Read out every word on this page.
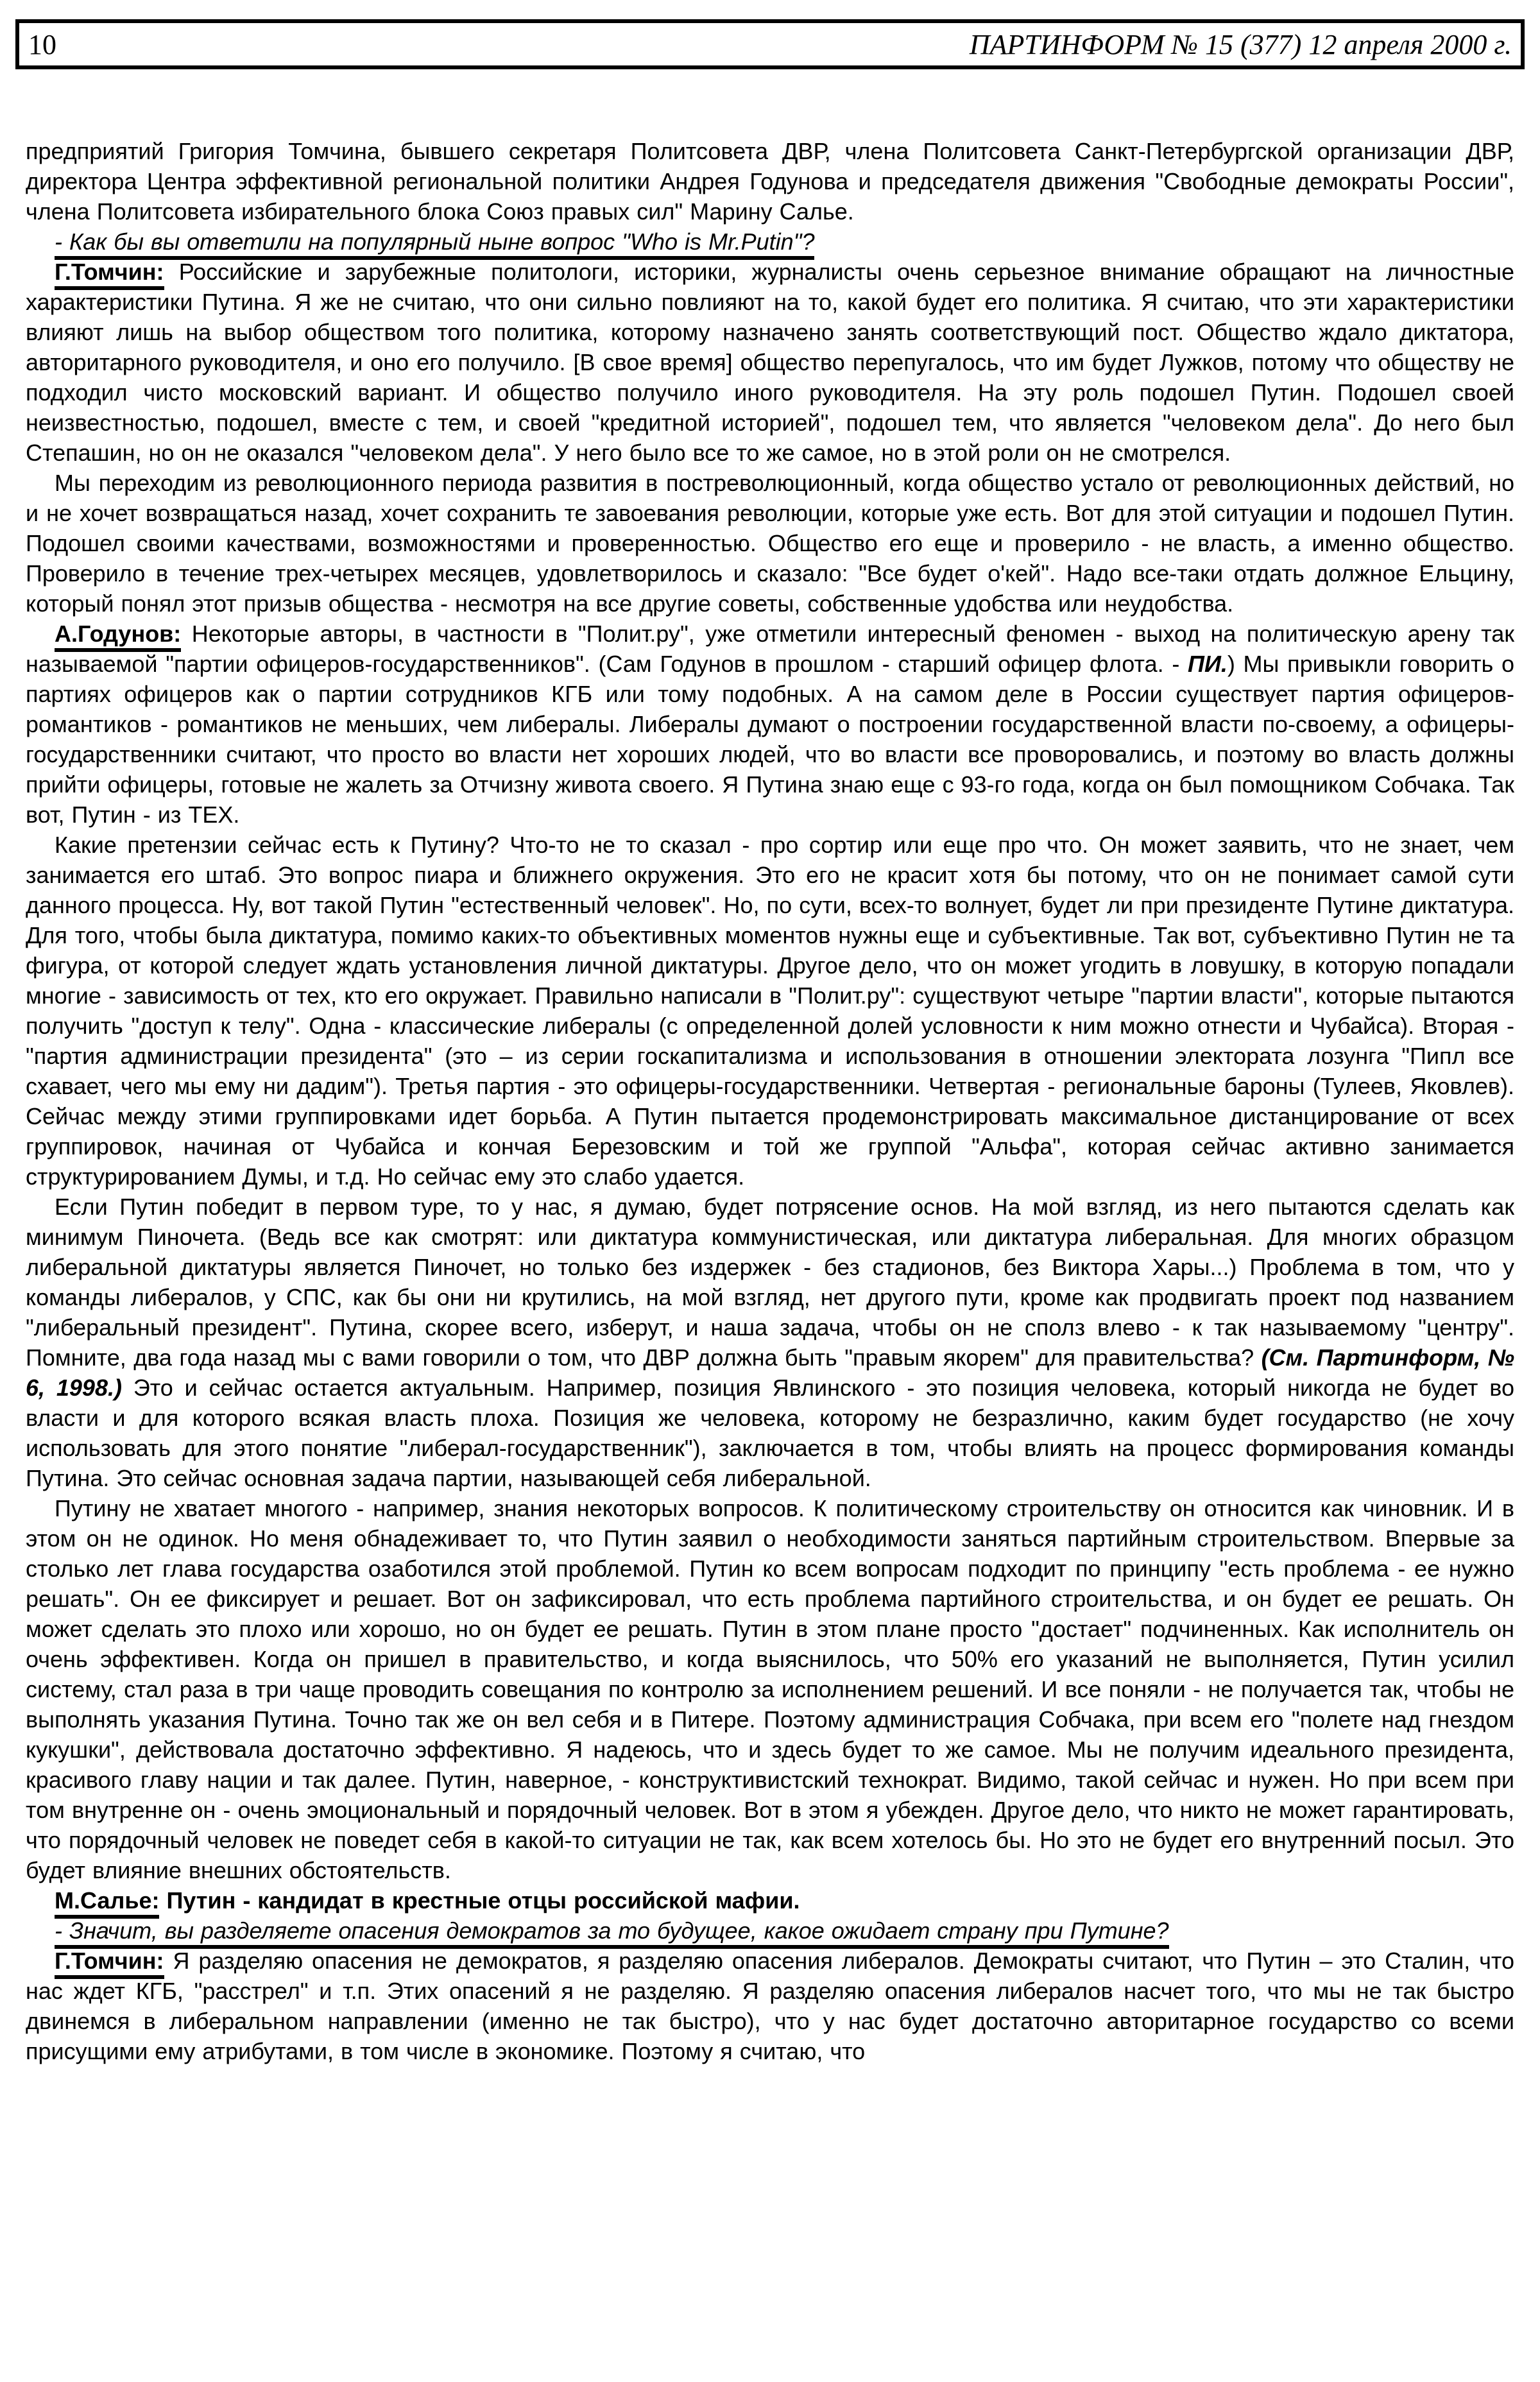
10	ПАРТИНФОРМ № 15 (377) 12 апреля 2000 г.

предприятий Григория Томчина, бывшего секретаря Политсовета ДВР, члена Политсовета Санкт-Петербургской организации ДВР, директора Центра эффективной региональной политики Андрея Годунова и председателя движения "Свободные демократы России", члена Политсовета избирательного блока Союз правых сил" Марину Салье.

- Как бы вы ответили на популярный ныне вопрос "Who is Mr.Putin"?

Г.Томчин: Российские и зарубежные политологи, историки, журналисты очень серьезное внимание обращают на личностные характеристики Путина. Я же не считаю, что они сильно повлияют на то, какой будет его политика. Я считаю, что эти характеристики влияют лишь на выбор обществом того политика, которому назначено занять соответствующий пост. Общество ждало диктатора, авторитарного руководителя, и оно его получило. [В свое время] общество перепугалось, что им будет Лужков, потому что обществу не подходил чисто московский вариант. И общество получило иного руководителя. На эту роль подошел Путин. Подошел своей неизвестностью, подошел, вместе с тем, и своей "кредитной историей", подошел тем, что является "человеком дела". До него был Степашин, но он не оказался "человеком дела". У него было все то же самое, но в этой роли он не смотрелся.

Мы переходим из революционного периода развития в постреволюционный, когда общество устало от революционных действий, но и не хочет возвращаться назад, хочет сохранить те завоевания революции, которые уже есть. Вот для этой ситуации и подошел Путин. Подошел своими качествами, возможностями и проверенностью. Общество его еще и проверило - не власть, а именно общество. Проверило в течение трех-четырех месяцев, удовлетворилось и сказало: "Все будет о'кей". Надо все-таки отдать должное Ельцину, который понял этот призыв общества - несмотря на все другие советы, собственные удобства или неудобства.

А.Годунов: Некоторые авторы, в частности в "Полит.ру", уже отметили интересный феномен - выход на политическую арену так называемой "партии офицеров-государственников". (Сам Годунов в прошлом - старший офицер флота. - ПИ.) Мы привыкли говорить о партиях офицеров как о партии сотрудников КГБ или тому подобных. А на самом деле в России существует партия офицеров-романтиков - романтиков не меньших, чем либералы. Либералы думают о построении государственной власти по-своему, а офицеры-государственники считают, что просто во власти нет хороших людей, что во власти все проворовались, и поэтому во власть должны прийти офицеры, готовые не жалеть за Отчизну живота своего. Я Путина знаю еще с 93-го года, когда он был помощником Собчака. Так вот, Путин - из ТЕХ.

Какие претензии сейчас есть к Путину? Что-то не то сказал - про сортир или еще про что. Он может заявить, что не знает, чем занимается его штаб. Это вопрос пиара и ближнего окружения. Это его не красит хотя бы потому, что он не понимает самой сути данного процесса. Ну, вот такой Путин "естественный человек". Но, по сути, всех-то волнует, будет ли при президенте Путине диктатура. Для того, чтобы была диктатура, помимо каких-то объективных моментов нужны еще и субъективные. Так вот, субъективно Путин не та фигура, от которой следует ждать установления личной диктатуры. Другое дело, что он может угодить в ловушку, в которую попадали многие - зависимость от тех, кто его окружает. Правильно написали в "Полит.ру": существуют четыре "партии власти", которые пытаются получить "доступ к телу". Одна - классические либералы (с определенной долей условности к ним можно отнести и Чубайса). Вторая - "партия администрации президента" (это – из серии госкапитализма и использования в отношении электората лозунга "Пипл все схавает, чего мы ему ни дадим"). Третья партия - это офицеры-государственники. Четвертая - региональные бароны (Тулеев, Яковлев). Сейчас между этими группировками идет борьба. А Путин пытается продемонстрировать максимальное дистанцирование от всех группировок, начиная от Чубайса и кончая Березовским и той же группой "Альфа", которая сейчас активно занимается структурированием Думы, и т.д. Но сейчас ему это слабо удается.

Если Путин победит в первом туре, то у нас, я думаю, будет потрясение основ. На мой взгляд, из него пытаются сделать как минимум Пиночета. (Ведь все как смотрят: или диктатура коммунистическая, или диктатура либеральная. Для многих образцом либеральной диктатуры является Пиночет, но только без издержек - без стадионов, без Виктора Хары...) Проблема в том, что у команды либералов, у СПС, как бы они ни крутились, на мой взгляд, нет другого пути, кроме как продвигать проект под названием "либеральный президент". Путина, скорее всего, изберут, и наша задача, чтобы он не сполз влево - к так называемому "центру". Помните, два года назад мы с вами говорили о том, что ДВР должна быть "правым якорем" для правительства? (См. Партинформ, № 6, 1998.) Это и сейчас остается актуальным. Например, позиция Явлинского - это позиция человека, который никогда не будет во власти и для которого всякая власть плоха. Позиция же человека, которому не безразлично, каким будет государство (не хочу использовать для этого понятие "либерал-государственник"), заключается в том, чтобы влиять на процесс формирования команды Путина. Это сейчас основная задача партии, называющей себя либеральной.

Путину не хватает многого - например, знания некоторых вопросов. К политическому строительству он относится как чиновник. И в этом он не одинок. Но меня обнадеживает то, что Путин заявил о необходимости заняться партийным строительством. Впервые за столько лет глава государства озаботился этой проблемой. Путин ко всем вопросам подходит по принципу "есть проблема - ее нужно решать". Он ее фиксирует и решает. Вот он зафиксировал, что есть проблема партийного строительства, и он будет ее решать. Он может сделать это плохо или хорошо, но он будет ее решать. Путин в этом плане просто "достает" подчиненных. Как исполнитель он очень эффективен. Когда он пришел в правительство, и когда выяснилось, что 50% его указаний не выполняется, Путин усилил систему, стал раза в три чаще проводить совещания по контролю за исполнением решений. И все поняли - не получается так, чтобы не выполнять указания Путина. Точно так же он вел себя и в Питере. Поэтому администрация Собчака, при всем его "полете над гнездом кукушки", действовала достаточно эффективно. Я надеюсь, что и здесь будет то же самое. Мы не получим идеального президента, красивого главу нации и так далее. Путин, наверное, - конструктивистский технократ. Видимо, такой сейчас и нужен. Но при всем при том внутренне он - очень эмоциональный и порядочный человек. Вот в этом я убежден. Другое дело, что никто не может гарантировать, что порядочный человек не поведет себя в какой-то ситуации не так, как всем хотелось бы. Но это не будет его внутренний посыл. Это будет влияние внешних обстоятельств.

М.Салье: Путин - кандидат в крестные отцы российской мафии.

- Значит, вы разделяете опасения демократов за то будущее, какое ожидает страну при Путине?

Г.Томчин: Я разделяю опасения не демократов, я разделяю опасения либералов. Демократы считают, что Путин – это Сталин, что нас ждет КГБ, "расстрел" и т.п. Этих опасений я не разделяю. Я разделяю опасения либералов насчет того, что мы не так быстро двинемся в либеральном направлении (именно не так быстро), что у нас будет достаточно авторитарное государство со всеми присущими ему атрибутами, в том числе в экономике. Поэтому я считаю, что
